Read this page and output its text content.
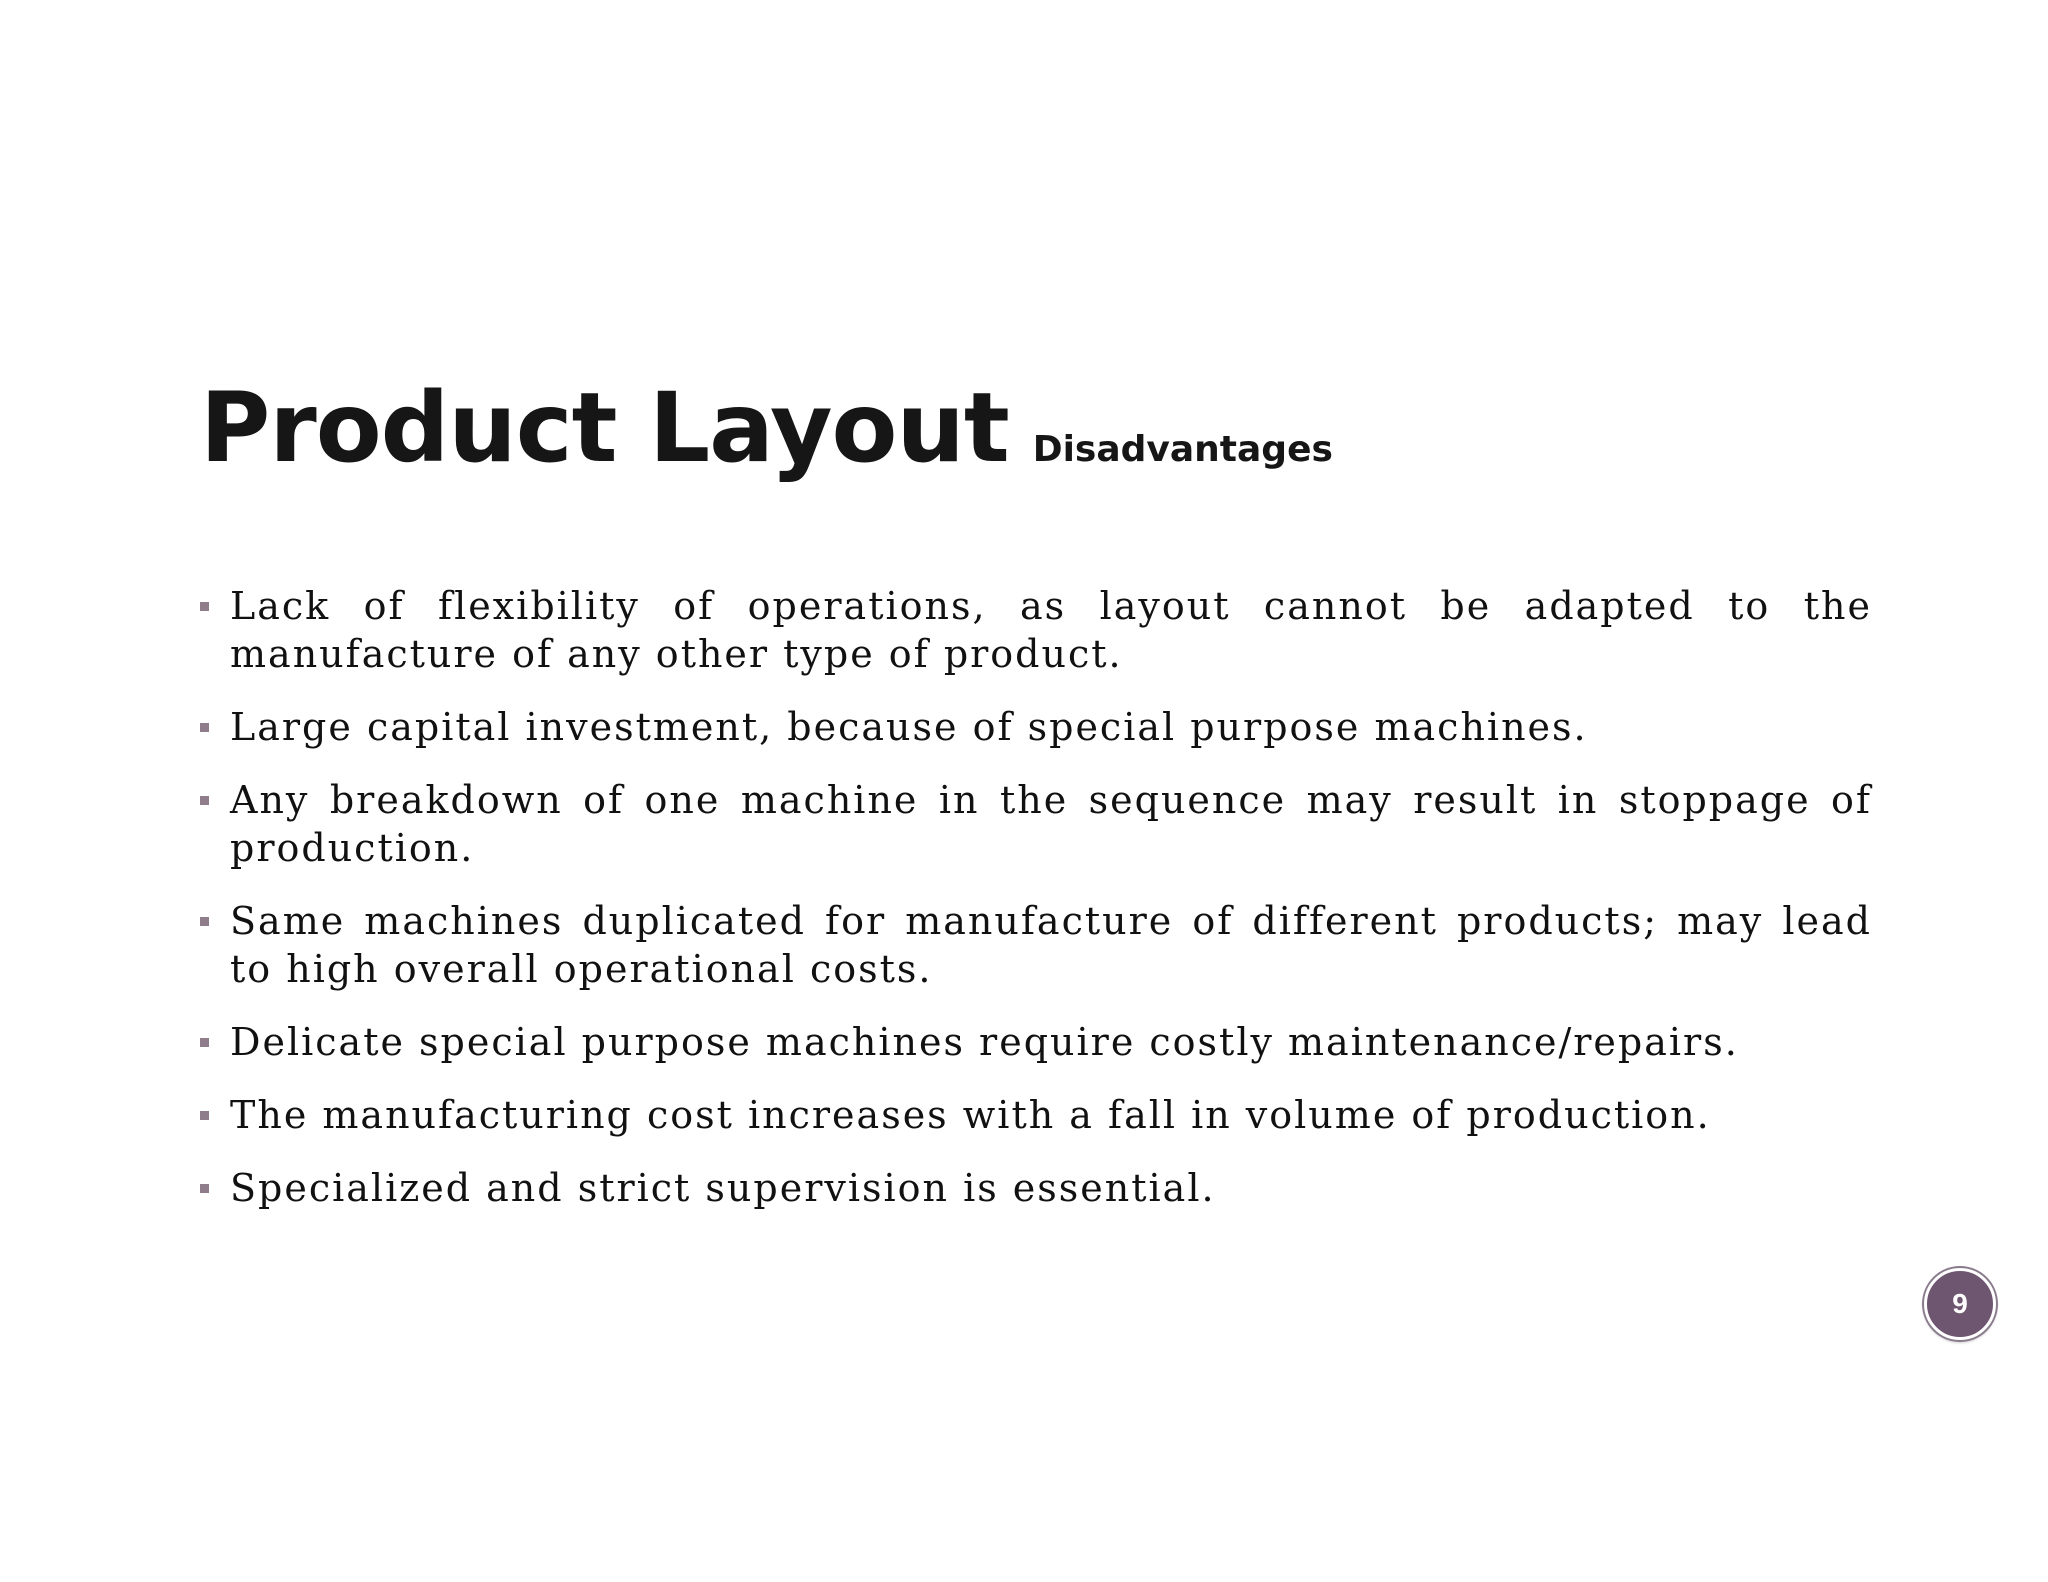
Product Layout Disadvantages
Lack of flexibility of operations, as layout cannot be adapted to the manufacture of any other type of product.
Large capital investment, because of special purpose machines.
Any breakdown of one machine in the sequence may result in stoppage of production.
Same machines duplicated for manufacture of different products; may lead to high overall operational costs.
Delicate special purpose machines require costly maintenance/repairs.
The manufacturing cost increases with a fall in volume of production.
Specialized and strict supervision is essential.
9
